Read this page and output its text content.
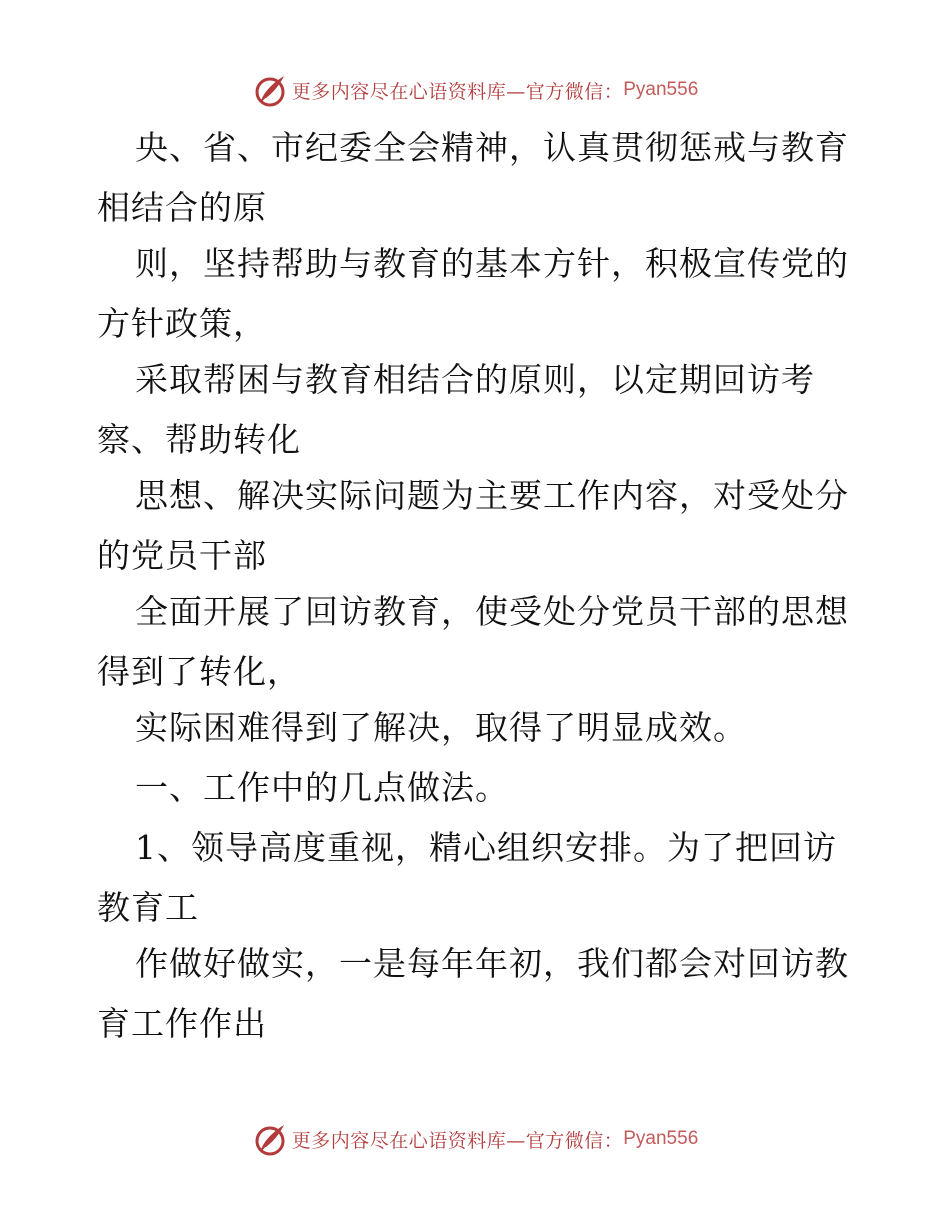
更多内容尽在心语资料库—官方微信： Pyan556
央、省、市纪委全会精神，认真贯彻惩戒与教育
相结合的原
则，坚持帮助与教育的基本方针，积极宣传党的
方针政策，
采取帮困与教育相结合的原则，以定期回访考
察、帮助转化
思想、解决实际问题为主要工作内容，对受处分
的党员干部
全面开展了回访教育，使受处分党员干部的思想
得到了转化，
实际困难得到了解决，取得了明显成效。
一、工作中的几点做法。
1、领导高度重视，精心组织安排。为了把回访
教育工
作做好做实，一是每年年初，我们都会对回访教
育工作作出
更多内容尽在心语资料库—官方微信： Pyan556
